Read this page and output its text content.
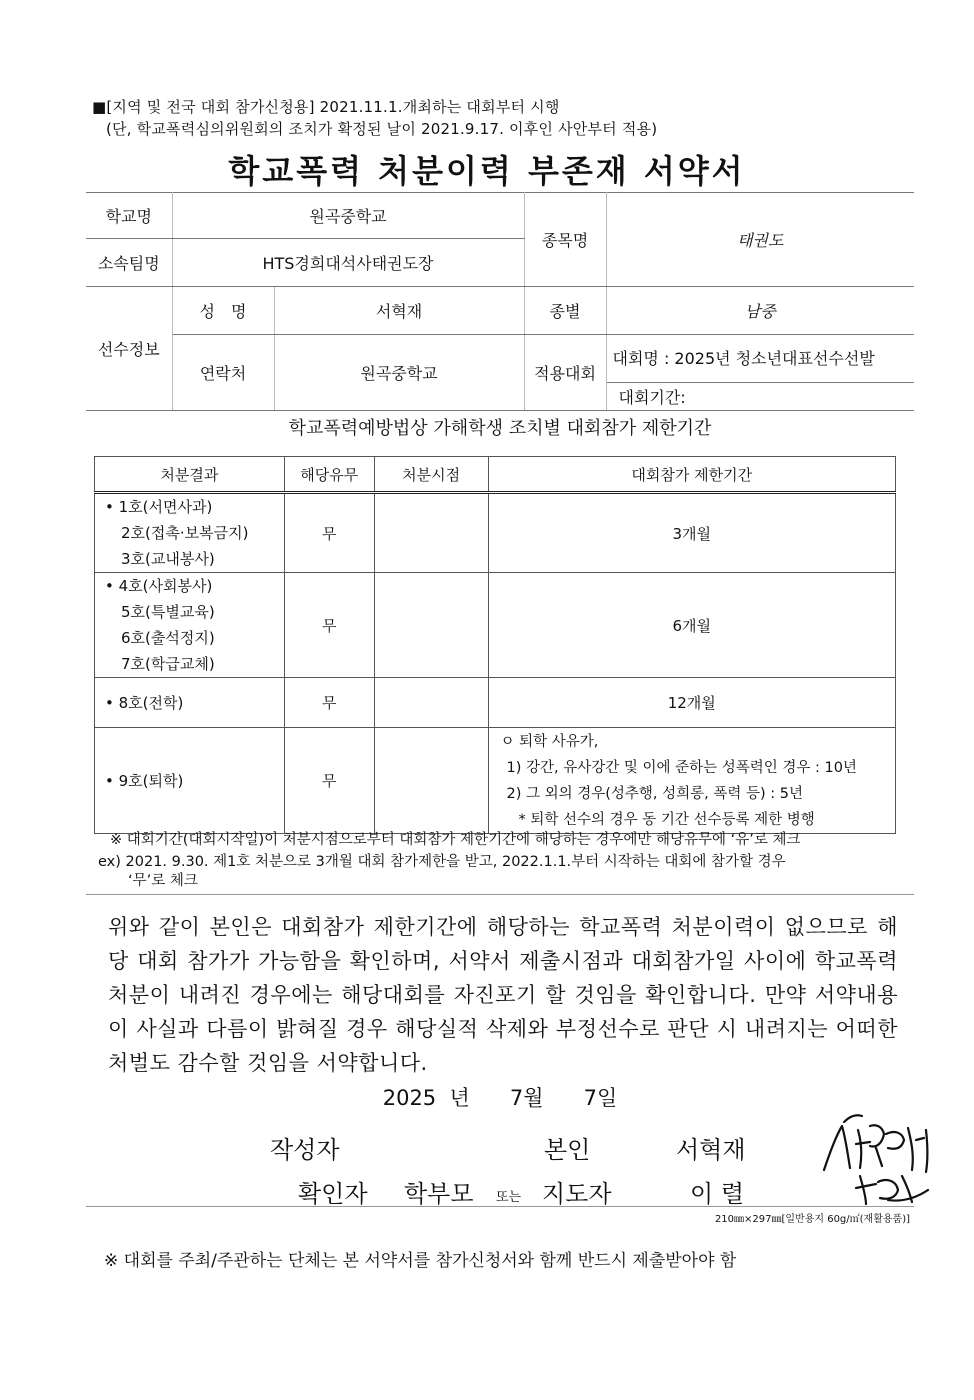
■[지역 및 전국 대회 참가신청용] 2021.11.1.개최하는 대회부터 시행
(단, 학교폭력심의위원회의 조치가 확정된 날이 2021.9.17. 이후인 사안부터 적용)
학교폭력 처분이력 부존재 서약서
학교명	원곡중학교		종목명	태권도
소속팀명	HTS경희대석사태권도장			
선수정보	성　명	서혁재	종별	남중
	연락처	원곡중학교	적용대회	대회명 : 2025년 청소년대표선수선발
				대회기간:
학교폭력예방법상 가해학생 조치별 대회참가 제한기간
처분결과	해당유무	처분시점	대회참가 제한기간

• 1호(서면사과)
2호(접촉·보복금지)
3호(교내봉사)	무		3개월

• 4호(사회봉사)
5호(특별교육)
6호(출석정지)
7호(학급교체)	무		6개월

• 8호(전학)	무		12개월

• 9호(퇴학)	무		ㅇ 퇴학 사유가,
1) 강간, 유사강간 및 이에 준하는 성폭력인 경우 : 10년
2) 그 외의 경우(성추행, 성희롱, 폭력 등) : 5년
* 퇴학 선수의 경우 동 기간 선수등록 제한 병행
※ 대회기간(대회시작일)이 처분시점으로부터 대회참가 제한기간에 해당하는 경우에만 해당유무에 ‘유’로 체크
ex) 2021. 9.30. 제1호 처분으로 3개월 대회 참가제한을 받고, 2022.1.1.부터 시작하는 대회에 참가할 경우
‘무’로 체크
위와 같이 본인은 대회참가 제한기간에 해당하는 학교폭력 처분이력이 없으므로 해당 대회 참가가 가능함을 확인하며, 서약서 제출시점과 대회참가일 사이에 학교폭력 처분이 내려진 경우에는 해당대회를 자진포기 할 것임을 확인합니다. 만약 서약내용이 사실과 다름이 밝혀질 경우 해당실적 삭제와 부정선수로 판단 시 내려지는 어떠한 처벌도 감수할 것임을 서약합니다.
2025 년 7월 7일
작성자	본인	서혁재
확인자 학부모 또는 지도자	이 렬
210㎜×297㎜[일반용지 60g/㎡(재활용품)]
※ 대회를 주최/주관하는 단체는 본 서약서를 참가신청서와 함께 반드시 제출받아야 함
